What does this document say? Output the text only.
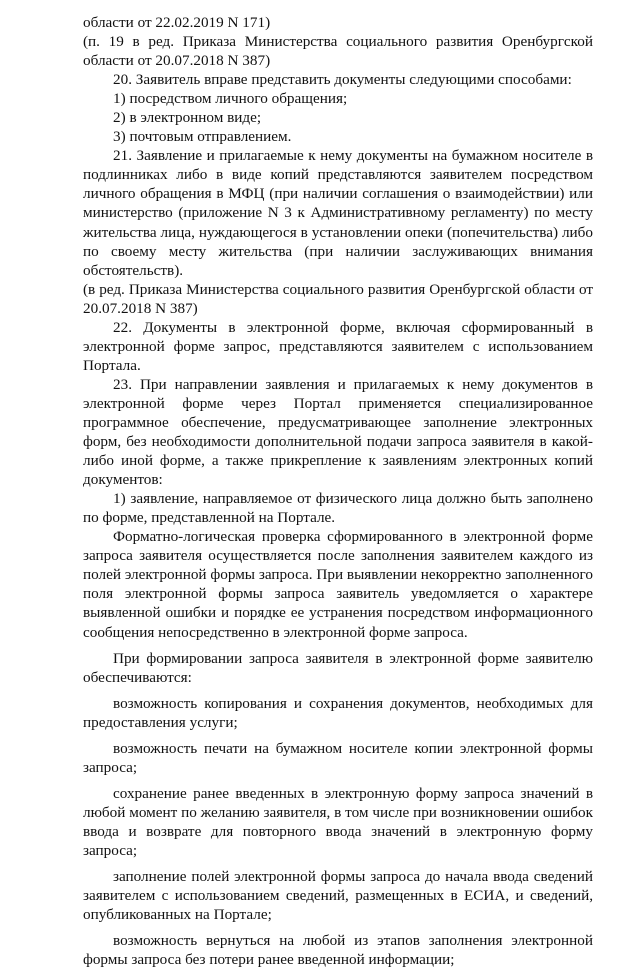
области от 22.02.2019 N 171)

(п. 19 в ред. Приказа Министерства социального развития Оренбургской области от 20.07.2018 N 387)

20. Заявитель вправе представить документы следующими способами:

1) посредством личного обращения;

2) в электронном виде;

3) почтовым отправлением.

21. Заявление и прилагаемые к нему документы на бумажном носителе в подлинниках либо в виде копий представляются заявителем посредством личного обращения в МФЦ (при наличии соглашения о взаимодействии) или министерство (приложение N 3 к Административному регламенту) по месту жительства лица, нуждающегося в установлении опеки (попечительства) либо по своему месту жительства (при наличии заслуживающих внимания обстоятельств).

(в ред. Приказа Министерства социального развития Оренбургской области от 20.07.2018 N 387)

22. Документы в электронной форме, включая сформированный в электронной форме запрос, представляются заявителем с использованием Портала.

23. При направлении заявления и прилагаемых к нему документов в электронной форме через Портал применяется специализированное программное обеспечение, предусматривающее заполнение электронных форм, без необходимости дополнительной подачи запроса заявителя в какой-либо иной форме, а также прикрепление к заявлениям электронных копий документов:

1) заявление, направляемое от физического лица должно быть заполнено по форме, представленной на Портале.

Форматно-логическая проверка сформированного в электронной форме запроса заявителя осуществляется после заполнения заявителем каждого из полей электронной формы запроса. При выявлении некорректно заполненного поля электронной формы запроса заявитель уведомляется о характере выявленной ошибки и порядке ее устранения посредством информационного сообщения непосредственно в электронной форме запроса.

При формировании запроса заявителя в электронной форме заявителю обеспечиваются:

возможность копирования и сохранения документов, необходимых для предоставления услуги;

возможность печати на бумажном носителе копии электронной формы запроса;

сохранение ранее введенных в электронную форму запроса значений в любой момент по желанию заявителя, в том числе при возникновении ошибок ввода и возврате для повторного ввода значений в электронную форму запроса;

заполнение полей электронной формы запроса до начала ввода сведений заявителем с использованием сведений, размещенных в ЕСИА, и сведений, опубликованных на Портале;

возможность вернуться на любой из этапов заполнения электронной формы запроса без потери ранее введенной информации;
